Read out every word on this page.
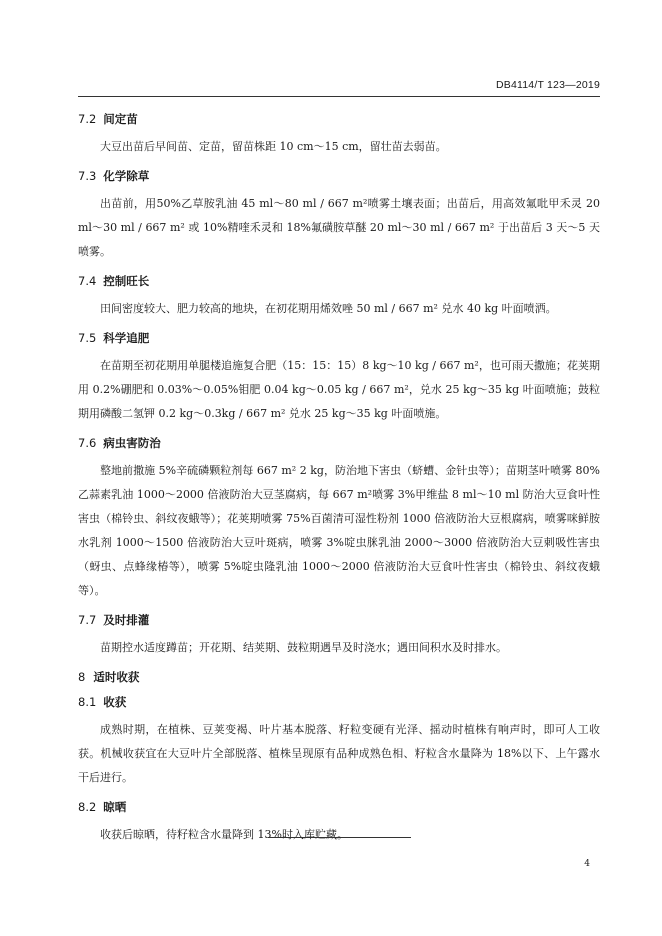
DB4114/T 123—2019
7.2 间定苗

大豆出苗后早间苗、定苗，留苗株距 10 cm～15 cm，留壮苗去弱苗。

7.3 化学除草

出苗前，用50%乙草胺乳油 45 ml～80 ml / 667 m²喷雾土壤表面；出苗后，用高效氟吡甲禾灵 20 ml～30 ml / 667 m² 或 10%精喹禾灵和 18%氟磺胺草醚 20 ml～30 ml / 667 m² 于出苗后 3 天～5 天喷雾。

7.4 控制旺长

田间密度较大、肥力较高的地块，在初花期用烯效唑 50 ml / 667 m² 兑水 40 kg 叶面喷洒。

7.5 科学追肥

在苗期至初花期用单腿楼追施复合肥（15：15：15）8 kg～10 kg / 667 m²，也可雨天撒施；花荚期用 0.2%硼肥和 0.03%～0.05%钼肥 0.04 kg～0.05 kg / 667 m²，兑水 25 kg～35 kg 叶面喷施；鼓粒期用磷酸二氢钾 0.2 kg～0.3kg / 667 m² 兑水 25 kg～35 kg 叶面喷施。

7.6 病虫害防治

整地前撒施 5%辛硫磷颗粒剂每 667 m² 2 kg，防治地下害虫（蛴螬、金针虫等）；苗期茎叶喷雾 80%乙蒜素乳油 1000～2000 倍液防治大豆茎腐病，每 667 m²喷雾 3%甲维盐 8 ml～10 ml 防治大豆食叶性害虫（棉铃虫、斜纹夜蛾等）；花荚期喷雾 75%百菌清可湿性粉剂 1000 倍液防治大豆根腐病，喷雾咪鲜胺水乳剂 1000～1500 倍液防治大豆叶斑病，喷雾 3%啶虫脒乳油 2000～3000 倍液防治大豆刺吸性害虫（蚜虫、点蜂缘椿等），喷雾 5%啶虫隆乳油 1000～2000 倍液防治大豆食叶性害虫（棉铃虫、斜纹夜蛾等）。

7.7 及时排灌

苗期控水适度蹲苗；开花期、结荚期、鼓粒期遇旱及时浇水；遇田间积水及时排水。

8 适时收获
8.1 收获

成熟时期，在植株、豆荚变褐、叶片基本脱落、籽粒变硬有光泽、摇动时植株有响声时，即可人工收获。机械收获宜在大豆叶片全部脱落、植株呈现原有品种成熟色相、籽粒含水量降为 18%以下、上午露水干后进行。

8.2 晾晒

收获后晾晒，待籽粒含水量降到 13%时入库贮藏。

4
